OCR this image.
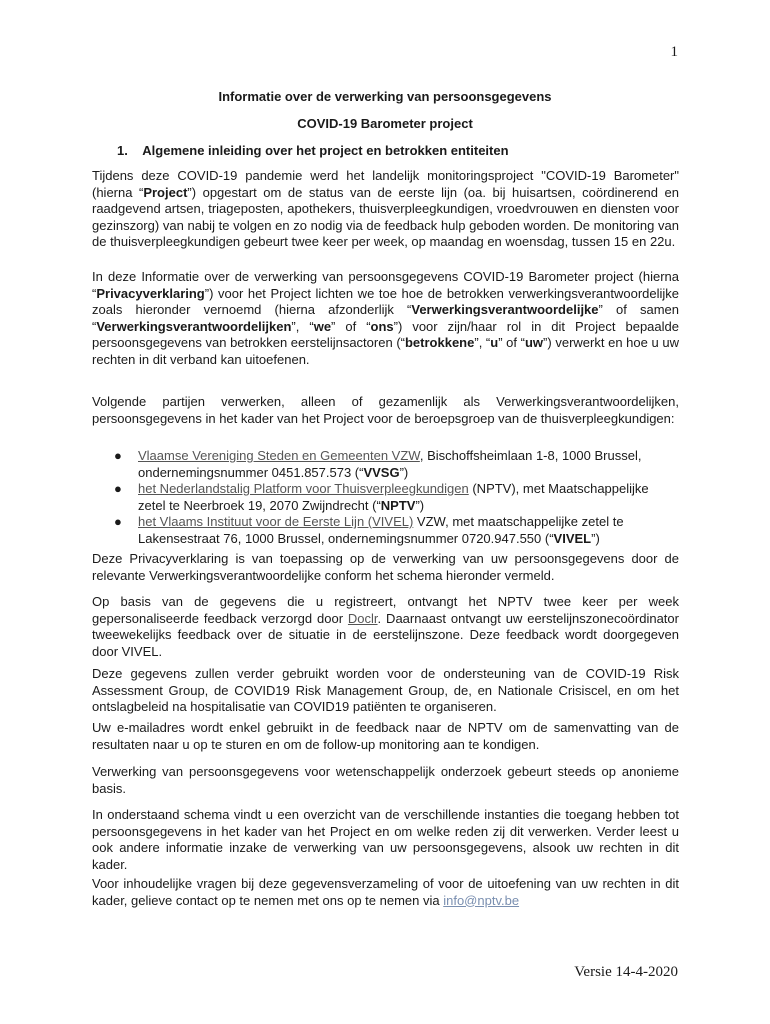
1
Informatie over de verwerking van persoonsgegevens
COVID-19 Barometer project
1. Algemene inleiding over het project en betrokken entiteiten

Tijdens deze COVID-19 pandemie werd het landelijk monitoringsproject "COVID-19 Barometer" (hierna “Project”) opgestart om de status van de eerste lijn (oa. bij huisartsen, coördinerend en raadgevend artsen, triageposten, apothekers, thuisverpleegkundigen, vroedvrouwen en diensten voor gezinszorg) van nabij te volgen en zo nodig via de feedback hulp geboden worden. De monitoring van de thuisverpleegkundigen gebeurt twee keer per week, op maandag en woensdag, tussen 15 en 22u.

In deze Informatie over de verwerking van persoonsgegevens COVID-19 Barometer project (hierna “Privacyverklaring”) voor het Project lichten we toe hoe de betrokken verwerkingsverantwoordelijke zoals hieronder vernoemd (hierna afzonderlijk “Verwerkingsverantwoordelijke” of samen “Verwerkingsverantwoordelijken”, “we” of “ons”) voor zijn/haar rol in dit Project bepaalde persoonsgegevens van betrokken eerstelijnsactoren (“betrokkene”, “u” of “uw”) verwerkt en hoe u uw rechten in dit verband kan uitoefenen.

Volgende partijen verwerken, alleen of gezamenlijk als Verwerkingsverantwoordelijken, persoonsgegevens in het kader van het Project voor de beroepsgroep van de thuisverpleegkundigen:

● Vlaamse Vereniging Steden en Gemeenten VZW, Bischoffsheimlaan 1-8, 1000 Brussel, ondernemingsnummer 0451.857.573 (“VVSG”)
● het Nederlandstalig Platform voor Thuisverpleegkundigen (NPTV), met Maatschappelijke zetel te Neerbroek 19, 2070 Zwijndrecht (“NPTV”)
● het Vlaams Instituut voor de Eerste Lijn (VIVEL) VZW, met maatschappelijke zetel te Lakensestraat 76, 1000 Brussel, ondernemingsnummer 0720.947.550 (“VIVEL”)

Deze Privacyverklaring is van toepassing op de verwerking van uw persoonsgegevens door de relevante Verwerkingsverantwoordelijke conform het schema hieronder vermeld.

Op basis van de gegevens die u registreert, ontvangt het NPTV twee keer per week gepersonaliseerde feedback verzorgd door Doclr. Daarnaast ontvangt uw eerstelijnszonecoördinator tweewekelijks feedback over de situatie in de eerstelijnszone. Deze feedback wordt doorgegeven door VIVEL.

Deze gegevens zullen verder gebruikt worden voor de ondersteuning van de COVID-19 Risk Assessment Group, de COVID19 Risk Management Group, de, en Nationale Crisiscel, en om het ontslagbeleid na hospitalisatie van COVID19 patiënten te organiseren.

Uw e-mailadres wordt enkel gebruikt in de feedback naar de NPTV om de samenvatting van de resultaten naar u op te sturen en om de follow-up monitoring aan te kondigen.

Verwerking van persoonsgegevens voor wetenschappelijk onderzoek gebeurt steeds op anonieme basis.

In onderstaand schema vindt u een overzicht van de verschillende instanties die toegang hebben tot persoonsgegevens in het kader van het Project en om welke reden zij dit verwerken. Verder leest u ook andere informatie inzake de verwerking van uw persoonsgegevens, alsook uw rechten in dit kader.

Voor inhoudelijke vragen bij deze gegevensverzameling of voor de uitoefening van uw rechten in dit kader, gelieve contact op te nemen met ons op te nemen via info@nptv.be

Versie 14-4-2020
